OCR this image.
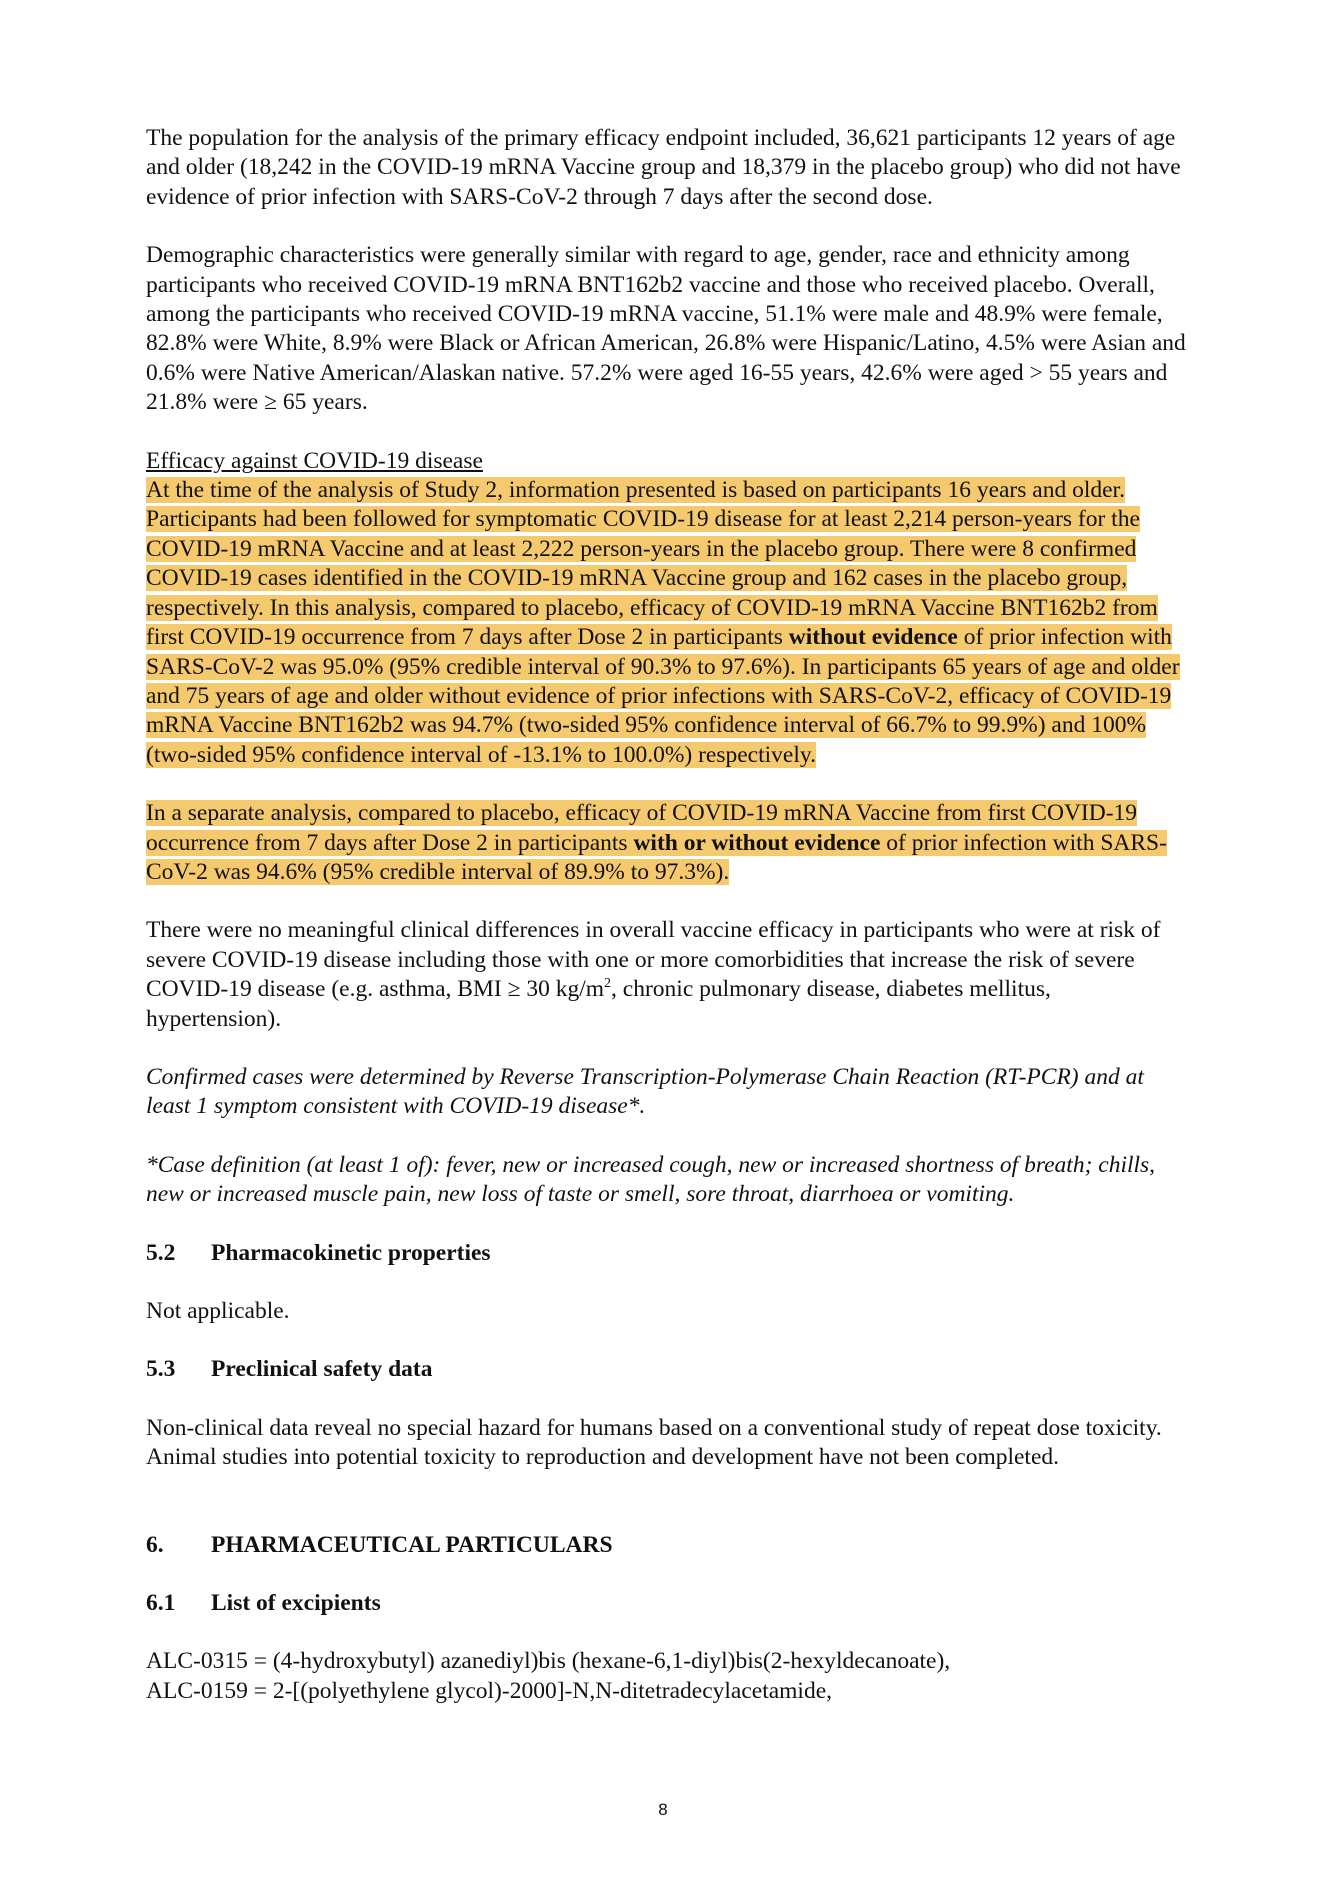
The population for the analysis of the primary efficacy endpoint included, 36,621 participants 12 years of age and older (18,242 in the COVID-19 mRNA Vaccine group and 18,379 in the placebo group) who did not have evidence of prior infection with SARS-CoV-2 through 7 days after the second dose.

Demographic characteristics were generally similar with regard to age, gender, race and ethnicity among participants who received COVID-19 mRNA BNT162b2 vaccine and those who received placebo. Overall, among the participants who received COVID-19 mRNA vaccine, 51.1% were male and 48.9% were female, 82.8% were White, 8.9% were Black or African American, 26.8% were Hispanic/Latino, 4.5% were Asian and 0.6% were Native American/Alaskan native. 57.2% were aged 16-55 years, 42.6% were aged > 55 years and 21.8% were ≥ 65 years.

Efficacy against COVID-19 disease
At the time of the analysis of Study 2, information presented is based on participants 16 years and older. Participants had been followed for symptomatic COVID-19 disease for at least 2,214 person-years for the COVID-19 mRNA Vaccine and at least 2,222 person-years in the placebo group. There were 8 confirmed COVID-19 cases identified in the COVID-19 mRNA Vaccine group and 162 cases in the placebo group, respectively. In this analysis, compared to placebo, efficacy of COVID-19 mRNA Vaccine BNT162b2 from first COVID-19 occurrence from 7 days after Dose 2 in participants without evidence of prior infection with SARS-CoV-2 was 95.0% (95% credible interval of 90.3% to 97.6%). In participants 65 years of age and older and 75 years of age and older without evidence of prior infections with SARS-CoV-2, efficacy of COVID-19 mRNA Vaccine BNT162b2 was 94.7% (two-sided 95% confidence interval of 66.7% to 99.9%) and 100% (two-sided 95% confidence interval of -13.1% to 100.0%) respectively.

In a separate analysis, compared to placebo, efficacy of COVID-19 mRNA Vaccine from first COVID-19 occurrence from 7 days after Dose 2 in participants with or without evidence of prior infection with SARS-CoV-2 was 94.6% (95% credible interval of 89.9% to 97.3%).

There were no meaningful clinical differences in overall vaccine efficacy in participants who were at risk of severe COVID-19 disease including those with one or more comorbidities that increase the risk of severe COVID-19 disease (e.g. asthma, BMI ≥ 30 $kg/m^2$, chronic pulmonary disease, diabetes mellitus, hypertension).

Confirmed cases were determined by Reverse Transcription-Polymerase Chain Reaction (RT-PCR) and at least 1 symptom consistent with COVID-19 disease*.

*Case definition (at least 1 of): fever, new or increased cough, new or increased shortness of breath; chills, new or increased muscle pain, new loss of taste or smell, sore throat, diarrhoea or vomiting.

5.2	Pharmacokinetic properties

Not applicable.

5.3	Preclinical safety data

Non-clinical data reveal no special hazard for humans based on a conventional study of repeat dose toxicity. Animal studies into potential toxicity to reproduction and development have not been completed.

6.	PHARMACEUTICAL PARTICULARS

6.1	List of excipients

ALC-0315 = (4-hydroxybutyl) azanediyl)bis (hexane-6,1-diyl)bis(2-hexyldecanoate),

ALC-0159 = 2-[(polyethylene glycol)-2000]-N,N-ditetradecylacetamide,

8
